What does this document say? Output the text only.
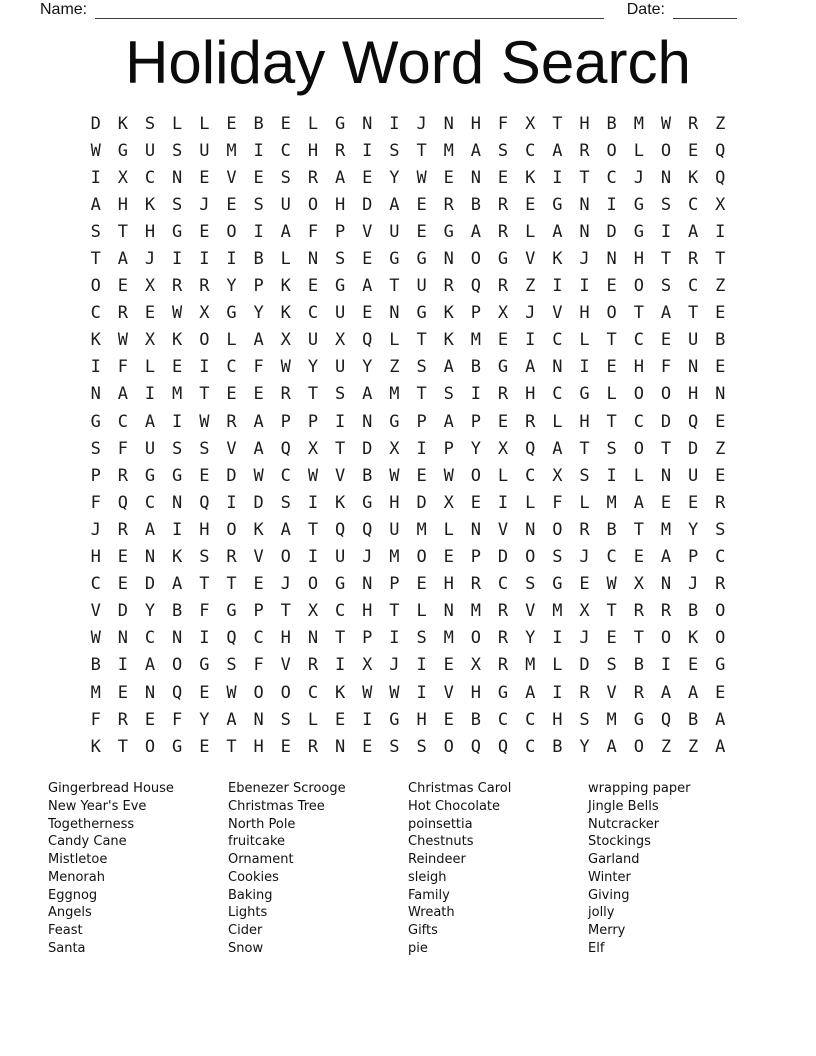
Name:	Date:
Holiday Word Search
D K S L L E B E L G N I J N H F X T H B M W R Z
W G U S U M I C H R I S T M A S C A R O L O E Q
I X C N E V E S R A E Y W E N E K I T C J N K Q
A H K S J E S U O H D A E R B R E G N I G S C X
S T H G E O I A F P V U E G A R L A N D G I A I
T A J I I I B L N S E G G N O G V K J N H T R T
O E X R R Y P K E G A T U R Q R Z I I E O S C Z
C R E W X G Y K C U E N G K P X J V H O T A T E
K W X K O L A X U X Q L T K M E I C L T C E U B
I F L E I C F W Y U Y Z S A B G A N I E H F N E
N A I M T E E R T S A M T S I R H C G L O O H N
G C A I W R A P P I N G P A P E R L H T C D Q E
S F U S S V A Q X T D X I P Y X Q A T S O T D Z
P R G G E D W C W V B W E W O L C X S I L N U E
F Q C N Q I D S I K G H D X E I L F L M A E E R
J R A I H O K A T Q Q U M L N V N O R B T M Y S
H E N K S R V O I U J M O E P D O S J C E A P C
C E D A T T E J O G N P E H R C S G E W X N J R
V D Y B F G P T X C H T L N M R V M X T R R B O
W N C N I Q C H N T P I S M O R Y I J E T O K O
B I A O G S F V R I X J I E X R M L D S B I E G
M E N Q E W O O C K W W I V H G A I R V R A A E
F R E F Y A N S L E I G H E B C C H S M G Q B A
K T O G E T H E R N E S S O Q Q C B Y A O Z Z A
Gingerbread House
New Year's Eve
Togetherness
Candy Cane
Mistletoe
Menorah
Eggnog
Angels
Feast
Santa
Ebenezer Scrooge
Christmas Tree
North Pole
fruitcake
Ornament
Cookies
Baking
Lights
Cider
Snow
Christmas Carol
Hot Chocolate
poinsettia
Chestnuts
Reindeer
sleigh
Family
Wreath
Gifts
pie
wrapping paper
Jingle Bells
Nutcracker
Stockings
Garland
Winter
Giving
jolly
Merry
Elf
